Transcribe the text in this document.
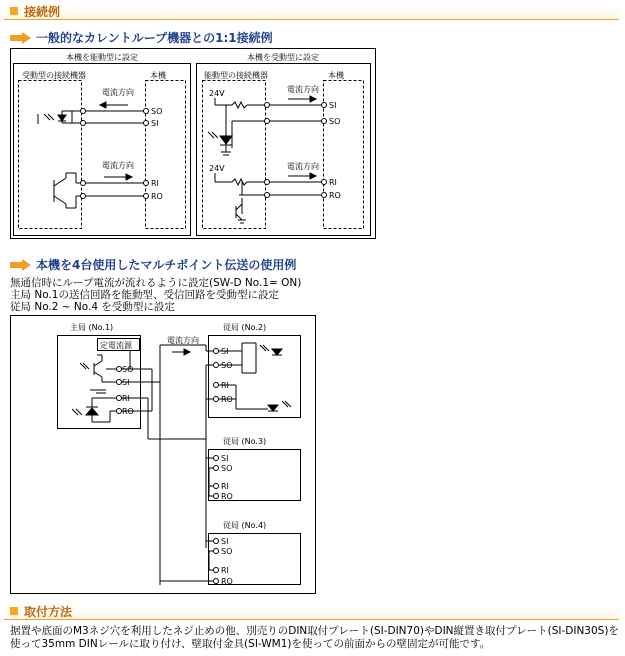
接続例
一般的なカレントループ機器との1:1接続例
本機を能動型に設定
受動型の接続機器	本機
電流方向
電流方向
SO
SI
RI
RO
本機を受動型に設定
能動型の接続機器	本機
24V
24V
電流方向
電流方向
SI
SO
RI
RO
本機を4台使用したマルチポイント伝送の使用例
無通信時にループ電流が流れるように設定(SW-D No.1= ON)
主局 No.1の送信回路を能動型、受信回路を受動型に設定
従局 No.2 ~ No.4 を受動型に設定
主局 (No.1)
定電流源
SO
SI
RI
RO
電流方向
従局 (No.2)
SI
SO
RI
RO
従局 (No.3)
SI
SO
RI
RO
従局 (No.4)
SI
SO
RI
RO
取付方法
据置や底面のM3ネジ穴を利用したネジ止めの他、別売りのDIN取付プレート(SI-DIN70)やDIN縦置き取付プレート(SI-DIN30S)を使って35mm DINレールに取り付け、壁取付金具(SI-WM1)を使っての前面からの壁固定が可能です。
